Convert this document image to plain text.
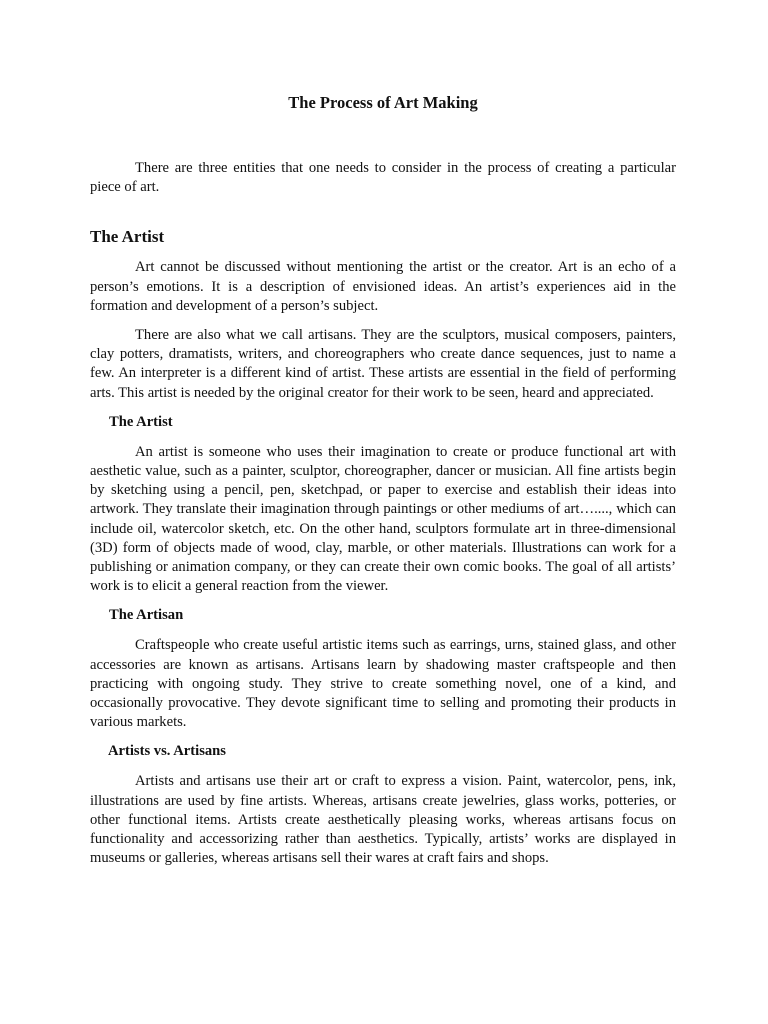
The Process of Art Making

There are three entities that one needs to consider in the process of creating a particular piece of art.

The Artist

Art cannot be discussed without mentioning the artist or the creator. Art is an echo of a person’s emotions. It is a description of envisioned ideas. An artist’s experiences aid in the formation and development of a person’s subject.

There are also what we call artisans. They are the sculptors, musical composers, painters, clay potters, dramatists, writers, and choreographers who create dance sequences, just to name a few. An interpreter is a different kind of artist. These artists are essential in the field of performing arts. This artist is needed by the original creator for their work to be seen, heard and appreciated.

The Artist

An artist is someone who uses their imagination to create or produce functional art with aesthetic value, such as a painter, sculptor, choreographer, dancer or musician. All fine artists begin by sketching using a pencil, pen, sketchpad, or paper to exercise and establish their ideas into artwork. They translate their imagination through paintings or other mediums of art…...., which can include oil, watercolor sketch, etc. On the other hand, sculptors formulate art in three-dimensional (3D) form of objects made of wood, clay, marble, or other materials. Illustrations can work for a publishing or animation company, or they can create their own comic books. The goal of all artists’ work is to elicit a general reaction from the viewer.

The Artisan

Craftspeople who create useful artistic items such as earrings, urns, stained glass, and other accessories are known as artisans. Artisans learn by shadowing master craftspeople and then practicing with ongoing study. They strive to create something novel, one of a kind, and occasionally provocative. They devote significant time to selling and promoting their products in various markets.

Artists vs. Artisans

Artists and artisans use their art or craft to express a vision. Paint, watercolor, pens, ink, illustrations are used by fine artists. Whereas, artisans create jewelries, glass works, potteries, or other functional items. Artists create aesthetically pleasing works, whereas artisans focus on functionality and accessorizing rather than aesthetics. Typically, artists’ works are displayed in museums or galleries, whereas artisans sell their wares at craft fairs and shops.
